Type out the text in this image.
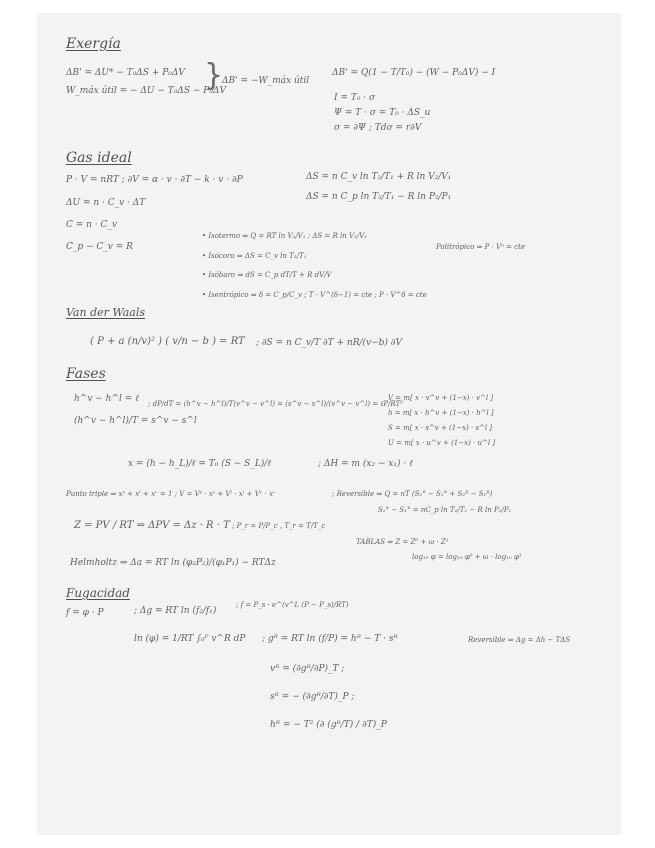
Exergía
ΔB' = ΔU* − T₀ΔS + P₀ΔV
W_máx útil = − ΔU − T₀ΔS − P₀ΔV
}
ΔB' = −W_máx útil
ΔB' = Q(1 − T/T₀) − (W − P₀ΔV) − I
I = T₀ · σ
Ψ = T · σ = T₀ · ΔS_u
σ = ∂Ψ ; Tdσ = r∂V
Gas ideal
P · V = nRT ; ∂V = α · v · ∂T − k · v · ∂P
ΔU = n · C_v · ΔT
C = n · C_v
C_p − C_v = R
ΔS = n C_v ln T₂/T₁ + R ln V₂/V₁
ΔS = n C_p ln T₂/T₁ − R ln P₂/P₁
• Isotermo ⇒ Q = RT ln V₂/V₁ ; ΔS = R ln V₂/V₁
• Isócoro ⇒ ΔS = C_v ln T₂/T₁
• Isóbaro ⇒ dS = C_p dT/T + R dV/V
• Isentrópico ⇒ δ = C_p/C_v ; T · V^(δ−1) = cte ; P · V^δ = cte
Politrópico ⇒ P · Vⁿ = cte
Van der Waals
( P + a (n/v)² ) ( v/n − b ) = RT ; ∂S = n C_v/T ∂T + nR/(v−b) ∂V
Fases
h^v − h^l = ℓ
(h^v − h^l)/T = s^v − s^l
; dP/dT = (h^v − h^l)/T(v^v − v^l) = (s^v − s^l)/(v^v − v^l) = ℓP/RT²
V = m[ x · v^v + (1−x) · v^l ]
h = m[ x · h^v + (1−x) · h^l ]
S = m[ x · s^v + (1−x) · s^l ]
U = m[ x · u^v + (1−x) · u^l ]
x = (h − h_L)/ℓ = T₀ (S − S_L)/ℓ	; ΔH = m (x₂ − x₁) · ℓ
Punto triple ⇒ xˢ + xˡ + xᵛ = 1 ; V = Vˢ · xˢ + Vˡ · xˡ + Vᵛ · xᵛ	; Reversible ⇒ Q = nT (S₂° − S₁° + S₂ᴿ − S₁ᴿ)
S₂° − S₁° = nC_p ln T₂/T₁ − R ln P₂/P₁
Z = PV / RT ⇒ ΔPV = Δz · R · T ; P_r = P/P_c , T_r = T/T_c
TABLAS ⇒ Z = Z⁰ + ω · Z¹
log₁₀ φ = log₁₀ φ⁰ + ω · log₁₀ φ¹
Helmholtz ⇒ Δa = RT ln (φ₂P₂)/(φ₁P₁) − RTΔz
Fugacidad
f = φ · P	; Δg = RT ln (f₂/f₁)
; f = P_s · e^(v^L (P − P_s)/RT)
ln (φ) = 1/RT ∫₀ᴾ v^R dP ; gᴿ = RT ln (f/P) = hᴿ − T · sᴿ	Reversible ⇒ Δg = Δh − TΔS
vᴿ = (∂gᴿ/∂P)_T ;
sᴿ = − (∂gᴿ/∂T)_P ;
hᴿ = − T² (∂ (gᴿ/T) / ∂T)_P
